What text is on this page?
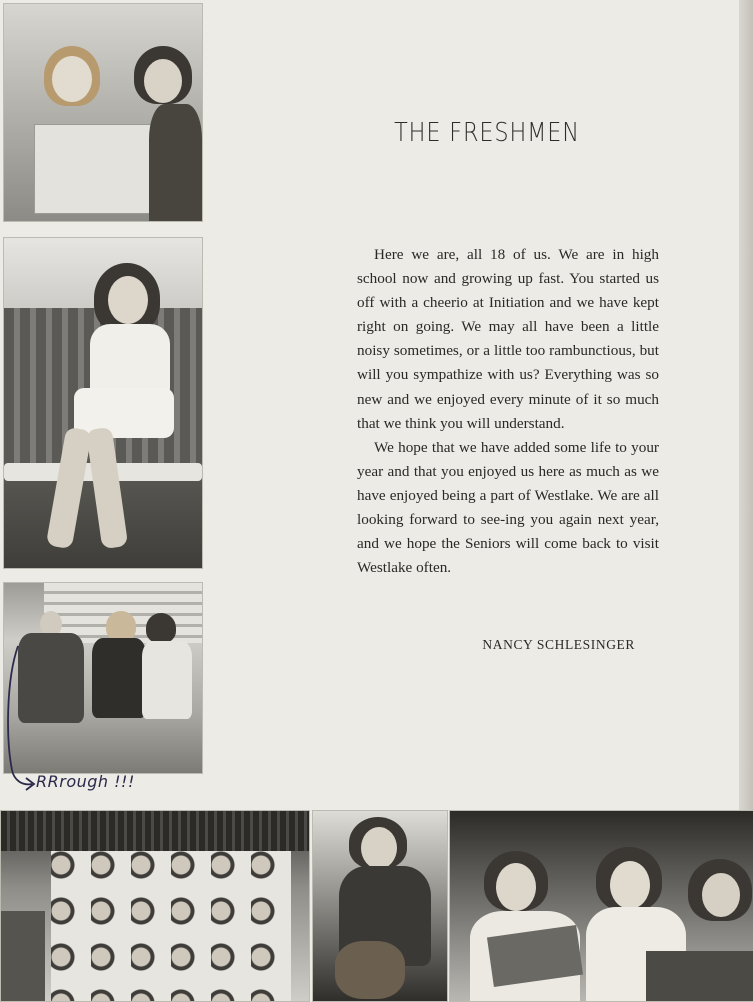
RRrough !!!
THE FRESHMEN

Here we are, all 18 of us. We are in high school now and growing up fast. You started us off with a cheerio at Initiation and we have kept right on going. We may all have been a little noisy sometimes, or a little too rambunctious, but will you sympathize with us? Everything was so new and we enjoyed every minute of it so much that we think you will understand.

We hope that we have added some life to your year and that you enjoyed us here as much as we have enjoyed being a part of Westlake. We are all looking forward to see-ing you again next year, and we hope the Seniors will come back to visit Westlake often.

NANCY SCHLESINGER
